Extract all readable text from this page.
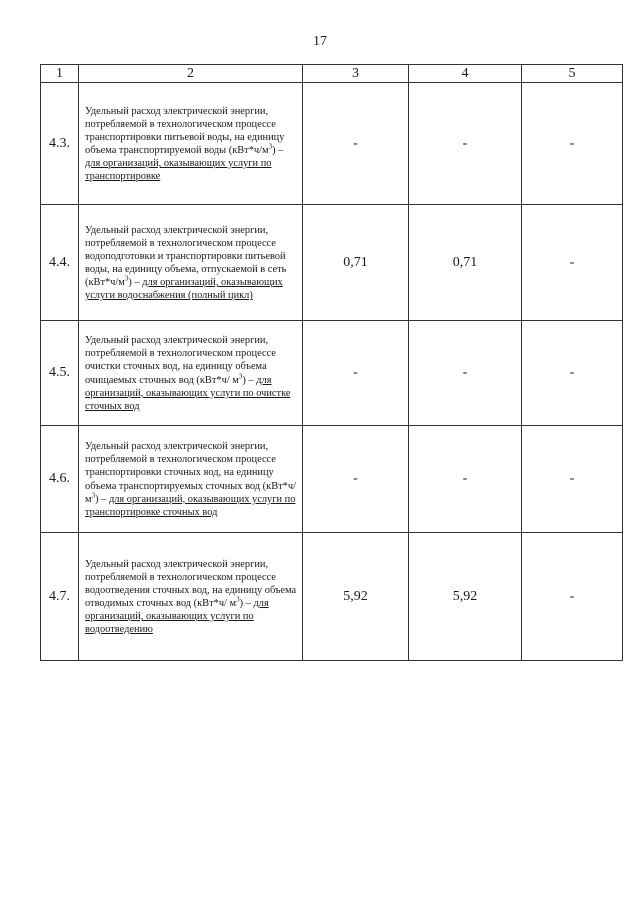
17
1	2	3	4	5
4.3.	Удельный расход электрической энергии, потребляемой в технологическом процессе транспортировки питьевой воды, на единицу объема транспортируемой воды $(кВт*ч/м^3)$ – для организаций, оказывающих услуги по транспортировке	-	-	-
4.4.	Удельный расход электрической энергии, потребляемой в технологическом процессе водоподготовки и транспортировки питьевой воды, на единицу объема, отпускаемой в сеть $(кВт*ч/м^3)$ – для организаций, оказывающих услуги водоснабжения (полный цикл)	0,71	0,71	-
4.5.	Удельный расход электрической энергии, потребляемой в технологическом процессе очистки сточных вод, на единицу объема очищаемых сточных вод (кВт*ч/ $м^3$) – для организаций, оказывающих услуги по очистке сточных вод	-	-	-
4.6.	Удельный расход электрической энергии, потребляемой в технологическом процессе транспортировки сточных вод, на единицу объема транспортируемых сточных вод (кВт*ч/ $м^3$) – для организаций, оказывающих услуги по транспортировке сточных вод	-	-	-
4.7.	Удельный расход электрической энергии, потребляемой в технологическом процессе водоотведения сточных вод, на единицу объема отводимых сточных вод (кВт*ч/ $м^3$) – для организаций, оказывающих услуги по водоотведению	5,92	5,92	-
